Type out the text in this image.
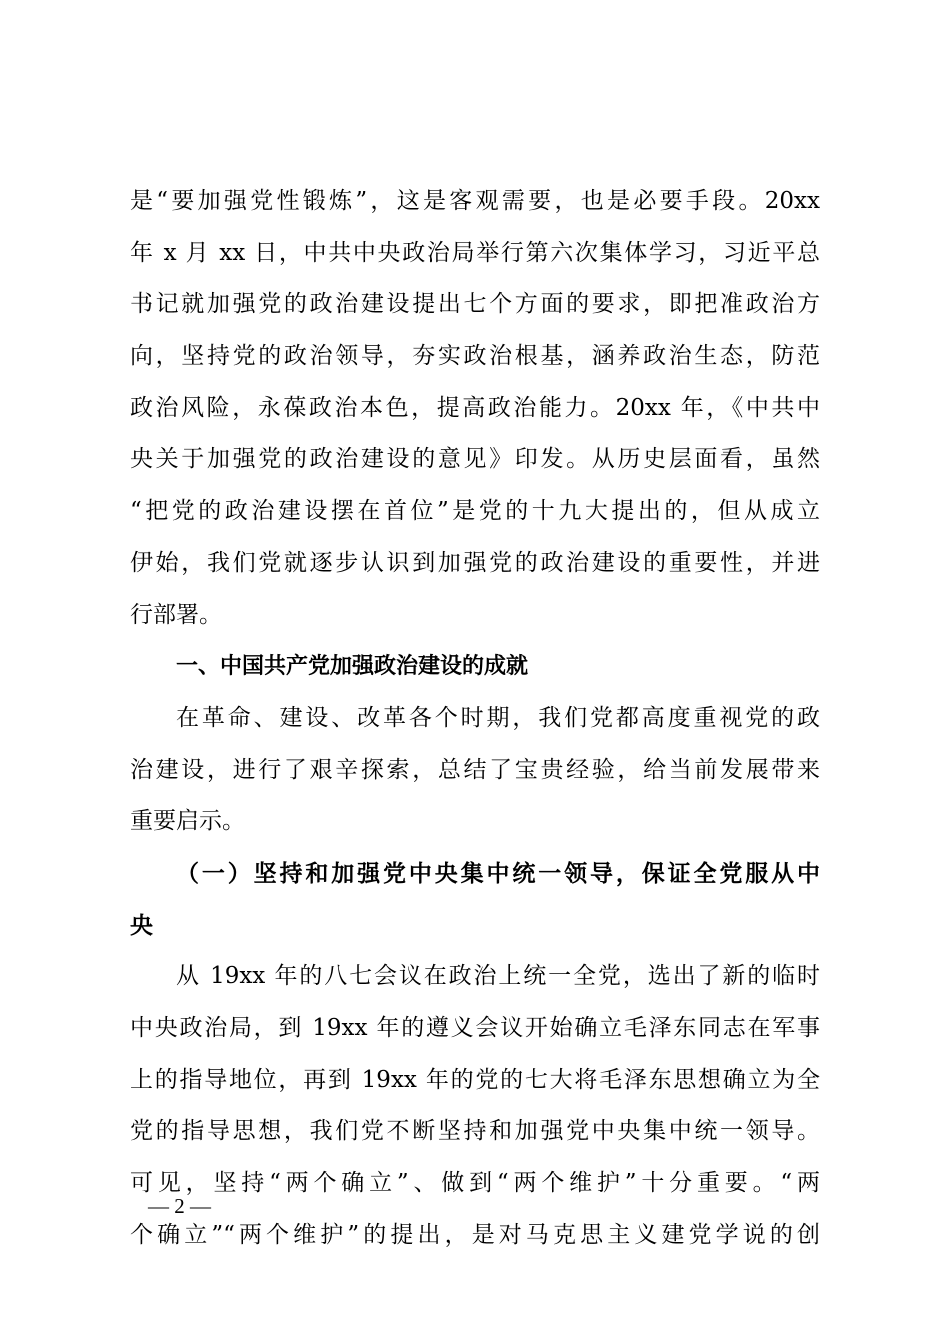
是“要加强党性锻炼”，这是客观需要，也是必要手段。20xx
年 x 月 xx 日，中共中央政治局举行第六次集体学习，习近平总
书记就加强党的政治建设提出七个方面的要求，即把准政治方
向，坚持党的政治领导，夯实政治根基，涵养政治生态，防范
政治风险，永葆政治本色，提高政治能力。20xx 年，《中共中
央关于加强党的政治建设的意见》印发。从历史层面看，虽然
“把党的政治建设摆在首位”是党的十九大提出的，但从成立
伊始，我们党就逐步认识到加强党的政治建设的重要性，并进
行部署。
一、中国共产党加强政治建设的成就
在革命、建设、改革各个时期，我们党都高度重视党的政
治建设，进行了艰辛探索，总结了宝贵经验，给当前发展带来
重要启示。
（一）坚持和加强党中央集中统一领导，保证全党服从中
央
从 19xx 年的八七会议在政治上统一全党，选出了新的临时
中央政治局，到 19xx 年的遵义会议开始确立毛泽东同志在军事
上的指导地位，再到 19xx 年的党的七大将毛泽东思想确立为全
党的指导思想，我们党不断坚持和加强党中央集中统一领导。
可见，坚持“两个确立”、做到“两个维护”十分重要。“两
个确立”“两个维护”的提出，是对马克思主义建党学说的创
— 2 —
